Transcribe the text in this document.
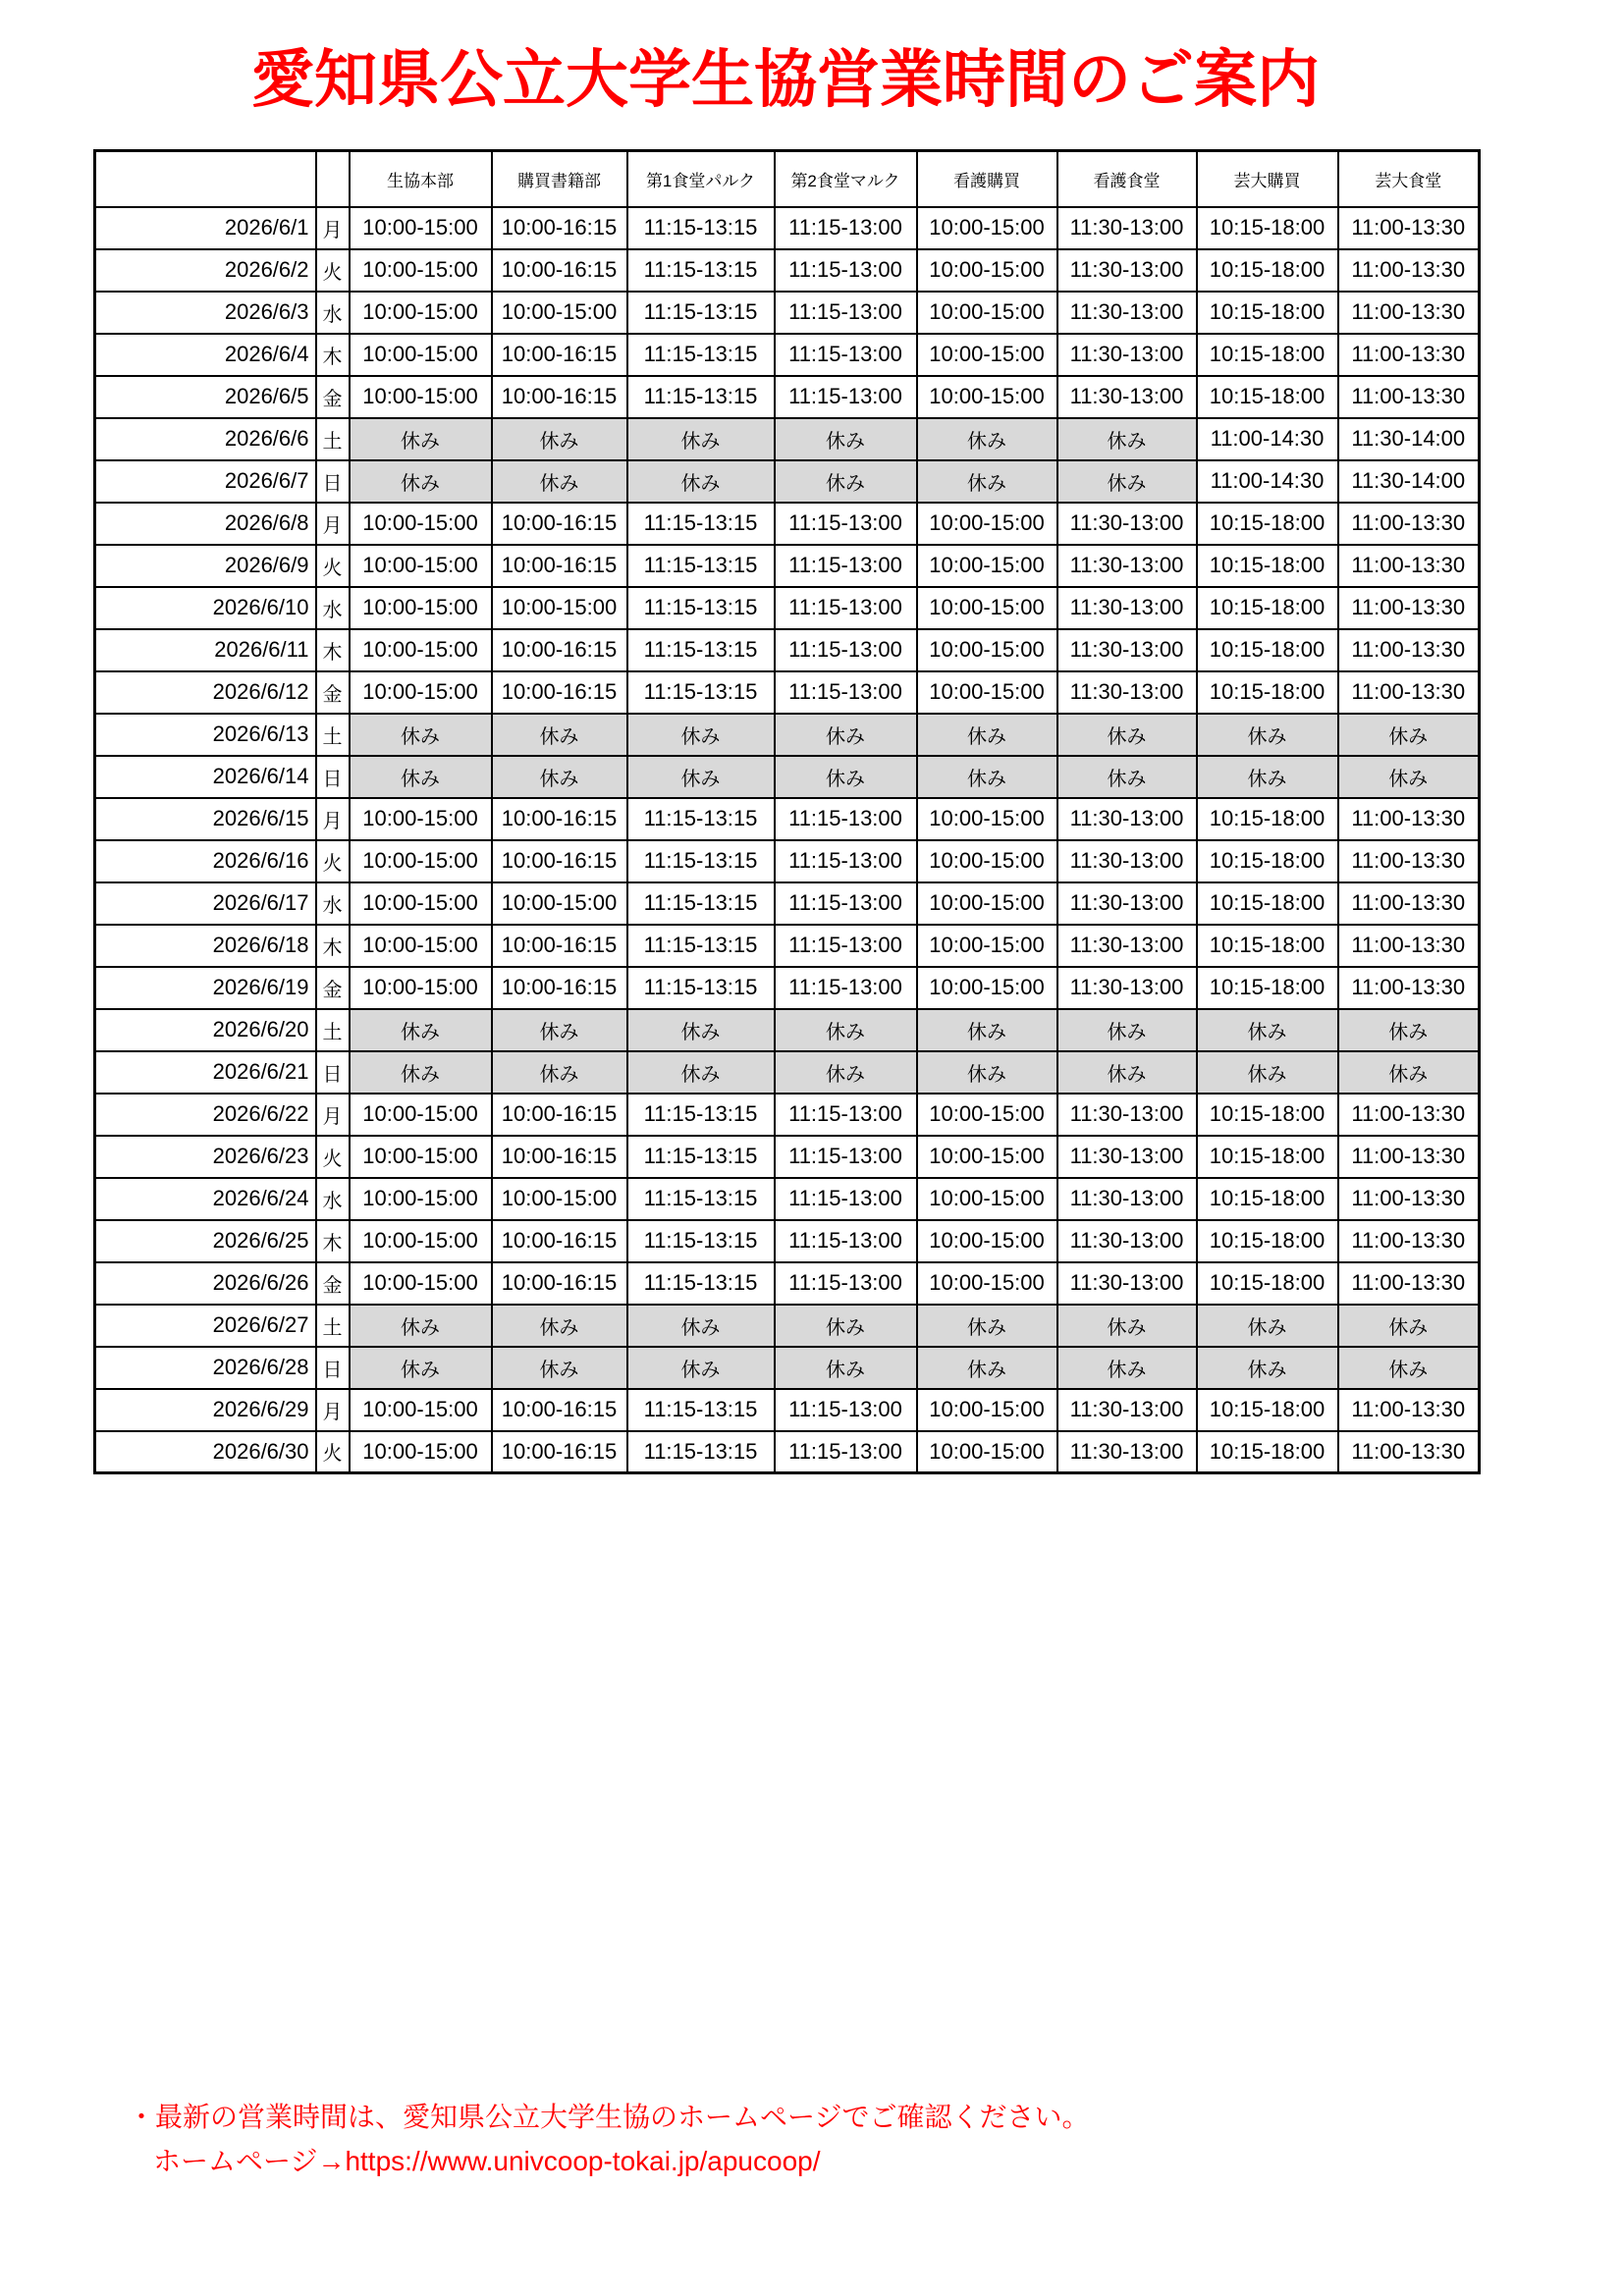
愛知県公立大学生協営業時間のご案内
		生協本部	購買書籍部	第1食堂パルク	第2食堂マルク	看護購買	看護食堂	芸大購買	芸大食堂
2026/6/1	月	10:00-15:00	10:00-16:15	11:15-13:15	11:15-13:00	10:00-15:00	11:30-13:00	10:15-18:00	11:00-13:30
2026/6/2	火	10:00-15:00	10:00-16:15	11:15-13:15	11:15-13:00	10:00-15:00	11:30-13:00	10:15-18:00	11:00-13:30
2026/6/3	水	10:00-15:00	10:00-15:00	11:15-13:15	11:15-13:00	10:00-15:00	11:30-13:00	10:15-18:00	11:00-13:30
2026/6/4	木	10:00-15:00	10:00-16:15	11:15-13:15	11:15-13:00	10:00-15:00	11:30-13:00	10:15-18:00	11:00-13:30
2026/6/5	金	10:00-15:00	10:00-16:15	11:15-13:15	11:15-13:00	10:00-15:00	11:30-13:00	10:15-18:00	11:00-13:30
2026/6/6	土	休み	休み	休み	休み	休み	休み	11:00-14:30	11:30-14:00
2026/6/7	日	休み	休み	休み	休み	休み	休み	11:00-14:30	11:30-14:00
2026/6/8	月	10:00-15:00	10:00-16:15	11:15-13:15	11:15-13:00	10:00-15:00	11:30-13:00	10:15-18:00	11:00-13:30
2026/6/9	火	10:00-15:00	10:00-16:15	11:15-13:15	11:15-13:00	10:00-15:00	11:30-13:00	10:15-18:00	11:00-13:30
2026/6/10	水	10:00-15:00	10:00-15:00	11:15-13:15	11:15-13:00	10:00-15:00	11:30-13:00	10:15-18:00	11:00-13:30
2026/6/11	木	10:00-15:00	10:00-16:15	11:15-13:15	11:15-13:00	10:00-15:00	11:30-13:00	10:15-18:00	11:00-13:30
2026/6/12	金	10:00-15:00	10:00-16:15	11:15-13:15	11:15-13:00	10:00-15:00	11:30-13:00	10:15-18:00	11:00-13:30
2026/6/13	土	休み	休み	休み	休み	休み	休み	休み	休み
2026/6/14	日	休み	休み	休み	休み	休み	休み	休み	休み
2026/6/15	月	10:00-15:00	10:00-16:15	11:15-13:15	11:15-13:00	10:00-15:00	11:30-13:00	10:15-18:00	11:00-13:30
2026/6/16	火	10:00-15:00	10:00-16:15	11:15-13:15	11:15-13:00	10:00-15:00	11:30-13:00	10:15-18:00	11:00-13:30
2026/6/17	水	10:00-15:00	10:00-15:00	11:15-13:15	11:15-13:00	10:00-15:00	11:30-13:00	10:15-18:00	11:00-13:30
2026/6/18	木	10:00-15:00	10:00-16:15	11:15-13:15	11:15-13:00	10:00-15:00	11:30-13:00	10:15-18:00	11:00-13:30
2026/6/19	金	10:00-15:00	10:00-16:15	11:15-13:15	11:15-13:00	10:00-15:00	11:30-13:00	10:15-18:00	11:00-13:30
2026/6/20	土	休み	休み	休み	休み	休み	休み	休み	休み
2026/6/21	日	休み	休み	休み	休み	休み	休み	休み	休み
2026/6/22	月	10:00-15:00	10:00-16:15	11:15-13:15	11:15-13:00	10:00-15:00	11:30-13:00	10:15-18:00	11:00-13:30
2026/6/23	火	10:00-15:00	10:00-16:15	11:15-13:15	11:15-13:00	10:00-15:00	11:30-13:00	10:15-18:00	11:00-13:30
2026/6/24	水	10:00-15:00	10:00-15:00	11:15-13:15	11:15-13:00	10:00-15:00	11:30-13:00	10:15-18:00	11:00-13:30
2026/6/25	木	10:00-15:00	10:00-16:15	11:15-13:15	11:15-13:00	10:00-15:00	11:30-13:00	10:15-18:00	11:00-13:30
2026/6/26	金	10:00-15:00	10:00-16:15	11:15-13:15	11:15-13:00	10:00-15:00	11:30-13:00	10:15-18:00	11:00-13:30
2026/6/27	土	休み	休み	休み	休み	休み	休み	休み	休み
2026/6/28	日	休み	休み	休み	休み	休み	休み	休み	休み
2026/6/29	月	10:00-15:00	10:00-16:15	11:15-13:15	11:15-13:00	10:00-15:00	11:30-13:00	10:15-18:00	11:00-13:30
2026/6/30	火	10:00-15:00	10:00-16:15	11:15-13:15	11:15-13:00	10:00-15:00	11:30-13:00	10:15-18:00	11:00-13:30
・最新の営業時間は、愛知県公立大学生協のホームページでご確認ください。
ホームページ→https://www.univcoop-tokai.jp/apucoop/
